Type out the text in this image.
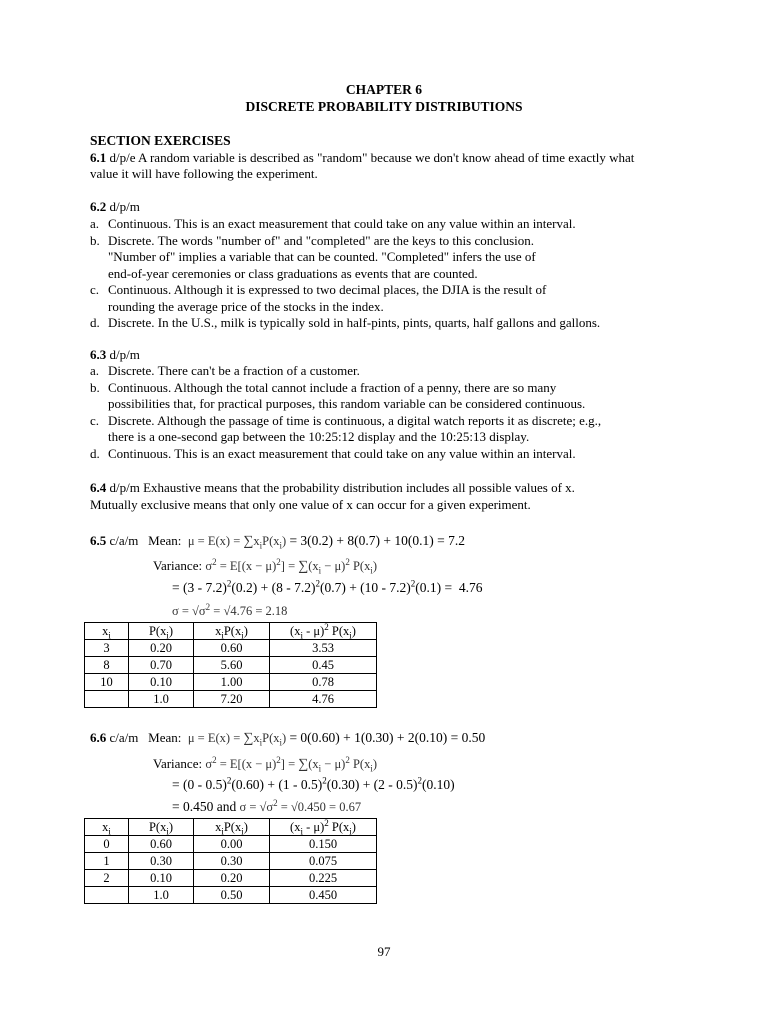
CHAPTER 6
DISCRETE PROBABILITY DISTRIBUTIONS
SECTION EXERCISES
6.1 d/p/e A random variable is described as "random" because we don't know ahead of time exactly what
value it will have following the experiment.
6.2 d/p/m
a. Continuous. This is an exact measurement that could take on any value within an interval.
b. Discrete. The words "number of" and "completed" are the keys to this conclusion.
"Number of" implies a variable that can be counted. "Completed" infers the use of
end-of-year ceremonies or class graduations as events that are counted.
c. Continuous. Although it is expressed to two decimal places, the DJIA is the result of
rounding the average price of the stocks in the index.
d. Discrete. In the U.S., milk is typically sold in half-pints, pints, quarts, half gallons and gallons.
6.3 d/p/m
a. Discrete. There can't be a fraction of a customer.
b. Continuous. Although the total cannot include a fraction of a penny, there are so many
possibilities that, for practical purposes, this random variable can be considered continuous.
c. Discrete. Although the passage of time is continuous, a digital watch reports it as discrete; e.g.,
there is a one-second gap between the 10:25:12 display and the 10:25:13 display.
d. Continuous. This is an exact measurement that could take on any value within an interval.
6.4 d/p/m Exhaustive means that the probability distribution includes all possible values of x.
Mutually exclusive means that only one value of x can occur for a given experiment.
6.5 c/a/m Mean: $\mu = E(x) = \sum x_iP(x_i) = 3(0.2) + 8(0.7) + 10(0.1) = 7.2$
Variance: $\sigma^2 = E[(x - \mu)^2] = \sum(x_i - \mu)^2$ $P(x_i)$
= (3 - 7.2)$^2$(0.2) + (8 - 7.2)$^2$(0.7) + (10 - 7.2)$^2$(0.1) =  4.76
$\sigma = √\sigma^2 = √4.76 = 2.18$
$x_i$	$P(x_i)$	$x_iP(x_i)$	$(x_i - \mu)^2$ $P(x_i)$
3	0.20	0.60	3.53
8	0.70	5.60	0.45
10	0.10	1.00	0.78
	1.0	7.20	4.76
6.6 c/a/m Mean: $\mu = E(x) = \sum x_iP(x_i) = 0(0.60) + 1(0.30) + 2(0.10) = 0.50$
Variance: $\sigma^2 = E[(x - \mu)^2] = \sum(x_i - \mu)^2$ $P(x_i)$
= (0 - 0.5)$^2$(0.60) + (1 - 0.5)$^2$(0.30) + (2 - 0.5)$^2$(0.10)
= 0.450 and $\sigma = √\sigma^2 = √0.450 = 0.67$
$x_i$	$P(x_i)$	$x_iP(x_i)$	$(x_i - \mu)^2$ $P(x_i)$
0	0.60	0.00	0.150
1	0.30	0.30	0.075
2	0.10	0.20	0.225
	1.0	0.50	0.450
97
